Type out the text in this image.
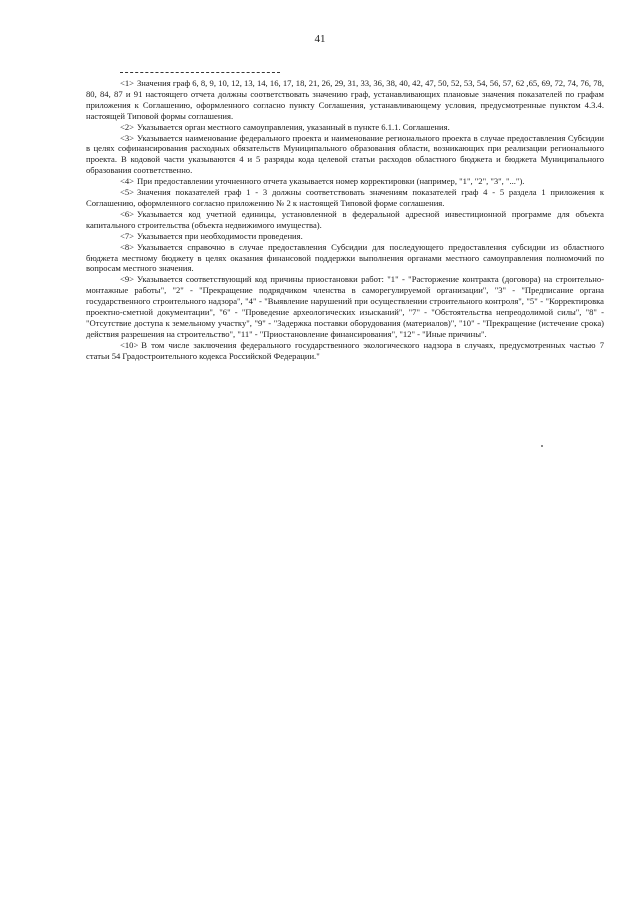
41

<1> Значения граф 6, 8, 9, 10, 12, 13, 14, 16, 17, 18, 21, 26, 29, 31, 33, 36, 38, 40, 42, 47, 50, 52, 53, 54, 56, 57, 62 ,65, 69, 72, 74, 76, 78, 80, 84, 87 и 91 настоящего отчета должны соответствовать значению граф, устанавливающих плановые значения показателей по графам приложения к Соглашению, оформленного согласно пункту Соглашения, устанавливающему условия, предусмотренные пунктом 4.3.4. настоящей Типовой формы соглашения.

<2> Указывается орган местного самоуправления, указанный в пункте 6.1.1. Соглашения.

<3> Указывается наименование федерального проекта и наименование регионального проекта в случае предоставления Субсидии в целях софинансирования расходных обязательств Муниципального образования области, возникающих при реализации регионального проекта. В кодовой части указываются 4 и 5 разряды кода целевой статьи расходов областного бюджета и бюджета Муниципального образования соответственно.

<4> При предоставлении уточненного отчета указывается номер корректировки (например, "1", "2", "3", "...").

<5> Значения показателей граф 1 - 3 должны соответствовать значениям показателей граф 4 - 5 раздела 1 приложения к Соглашению, оформленного согласно приложению № 2 к настоящей Типовой форме соглашения.

<6> Указывается код учетной единицы, установленной в федеральной адресной инвестиционной программе для объекта капитального строительства (объекта недвижимого имущества).

<7> Указывается при необходимости проведения.

<8> Указывается справочно в случае предоставления Субсидии для последующего предоставления субсидии из областного бюджета местному бюджету в целях оказания финансовой поддержки выполнения органами местного самоуправления полномочий по вопросам местного значения.

<9> Указывается соответствующий код причины приостановки работ: "1" - "Расторжение контракта (договора) на строительно-монтажные работы", "2" - "Прекращение подрядчиком членства в саморегулируемой организации", "3" - "Предписание органа государственного строительного надзора", "4" - "Выявление нарушений при осуществлении строительного контроля", "5" - "Корректировка проектно-сметной документации", "6" - "Проведение археологических изысканий", "7" - "Обстоятельства непреодолимой силы", "8" - "Отсутствие доступа к земельному участку", "9" - "Задержка поставки оборудования (материалов)", "10" - "Прекращение (истечение срока) действия разрешения на строительство", "11" - "Приостановление финансирования", "12" - "Иные причины".

<10> В том числе заключения федерального государственного экологического надзора в случаях, предусмотренных частью 7 статьи 54 Градостроительного кодекса Российской Федерации."
